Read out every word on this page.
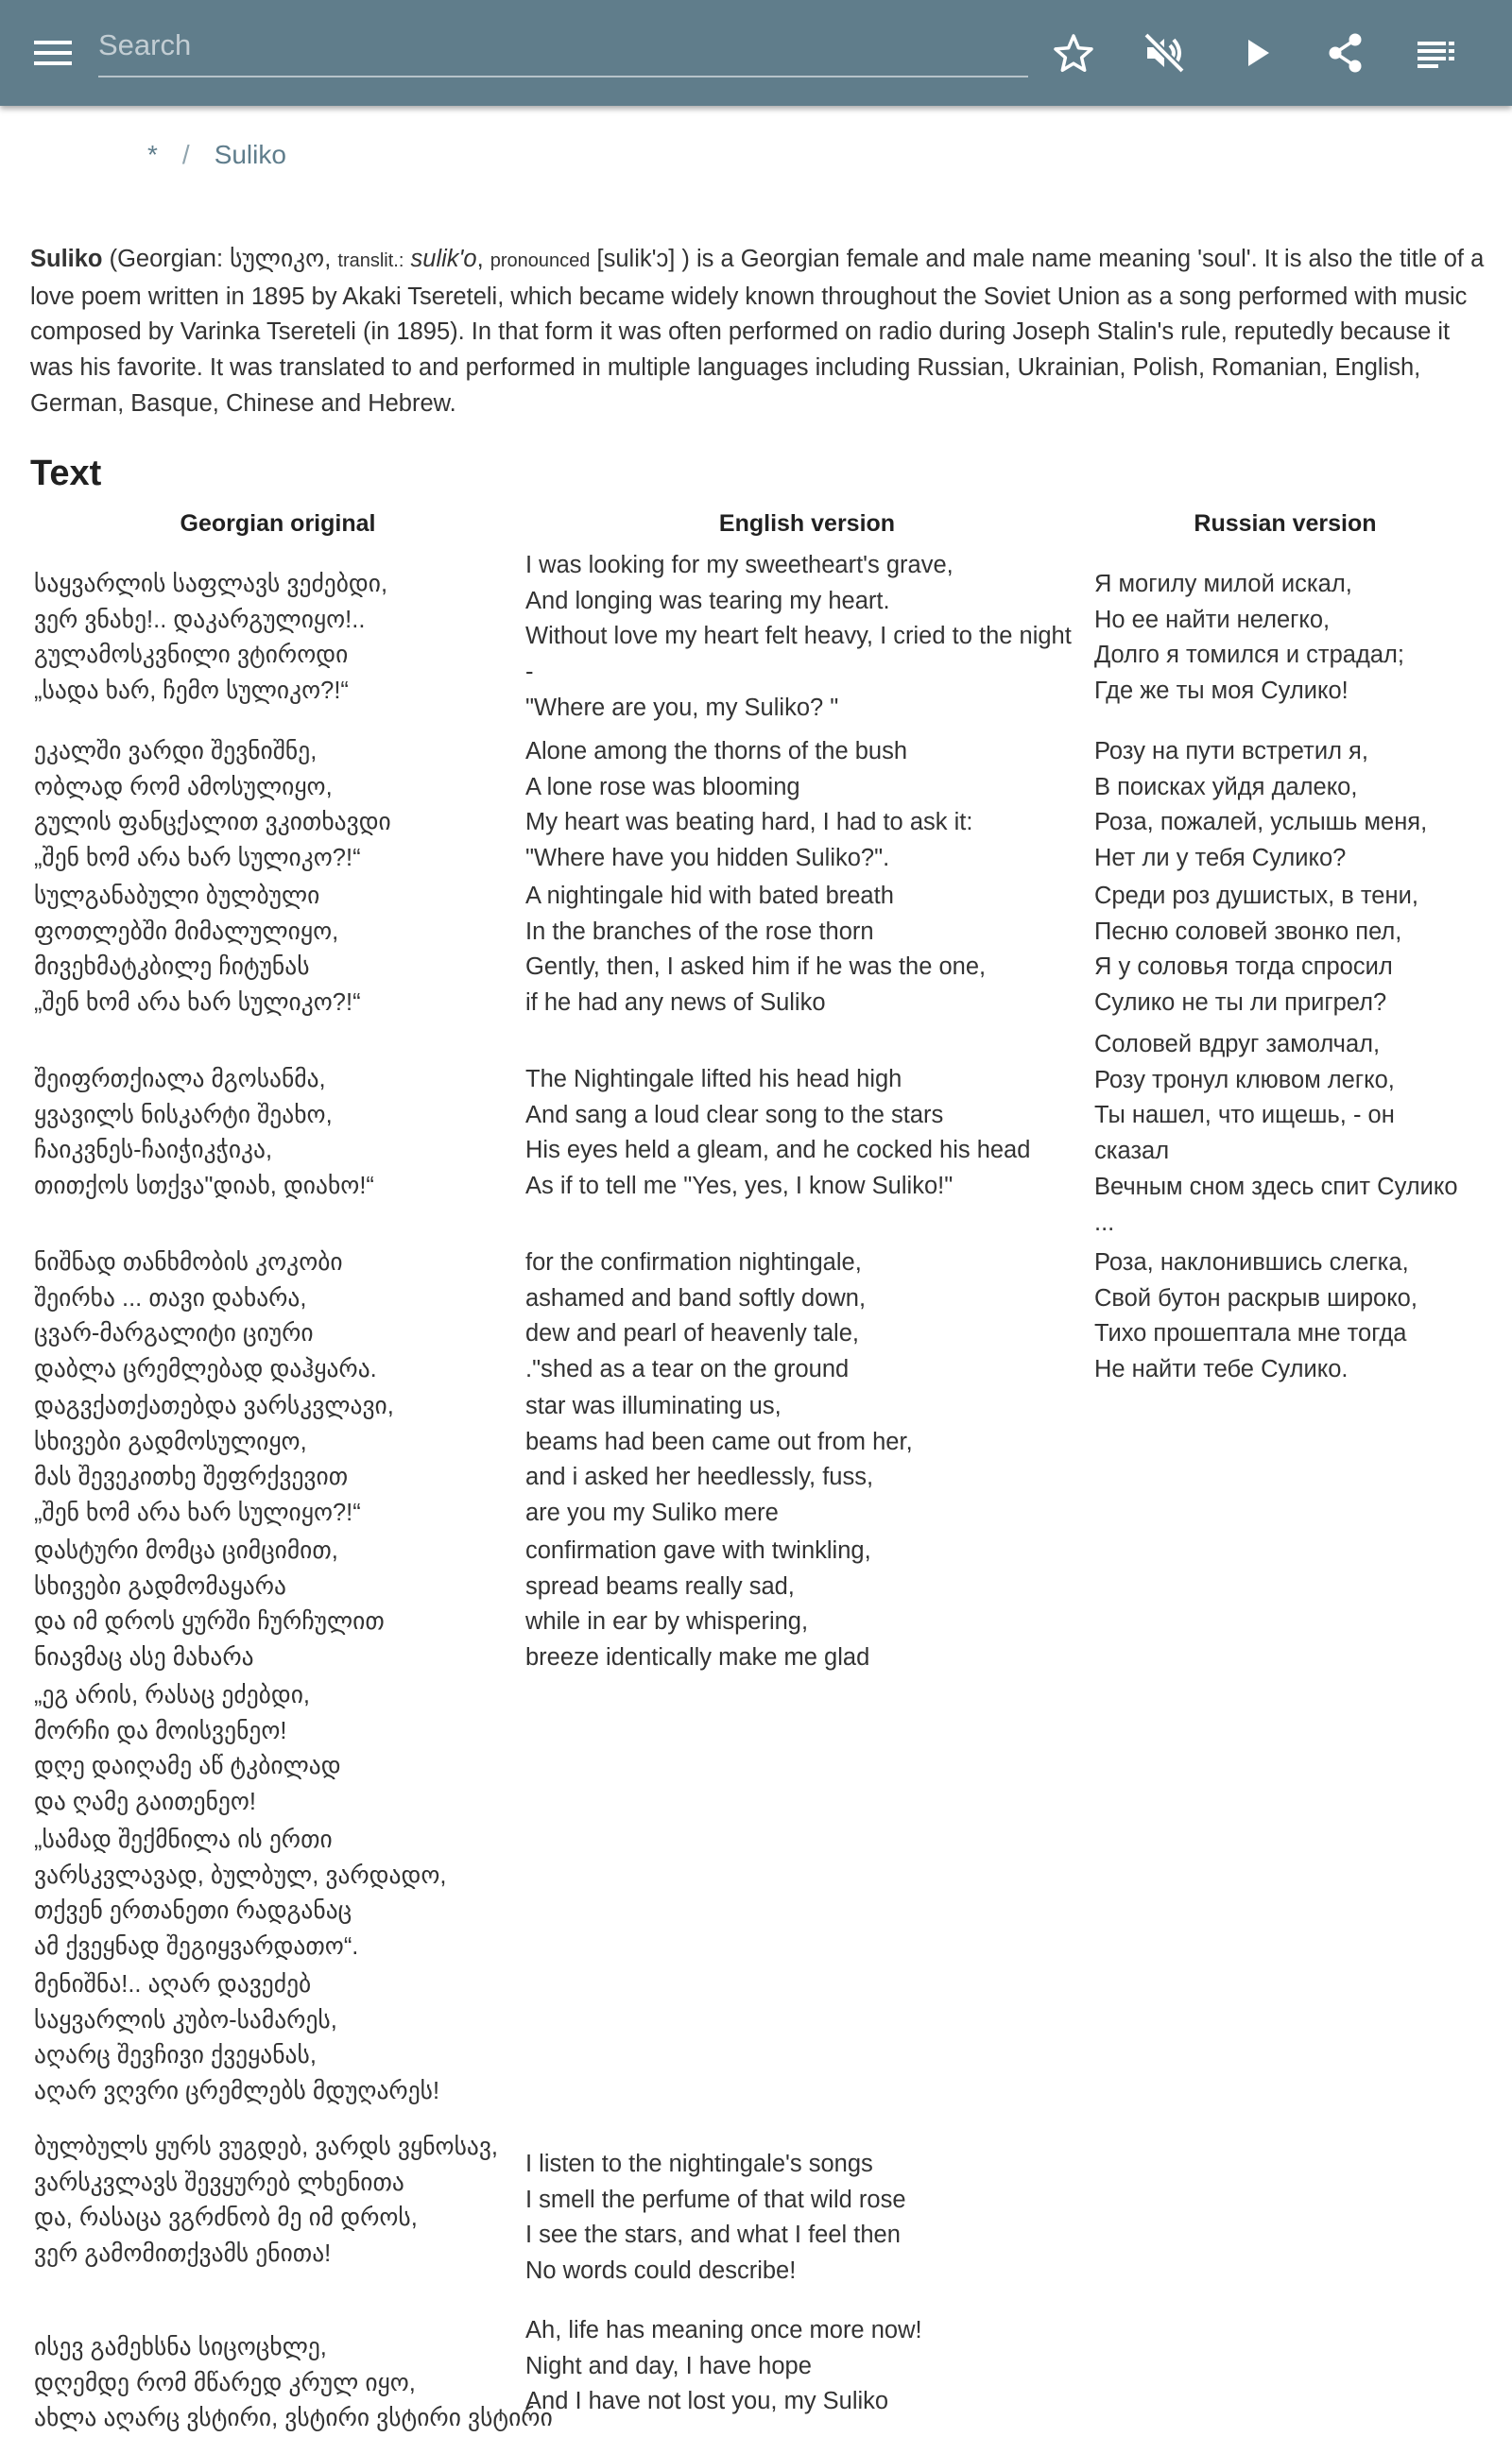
Search
* / Suliko
Suliko (Georgian: სულიკო, translit.: sulik'o, pronounced [sulik'ɔ] ) is a Georgian female and male name meaning 'soul'. It is also the title of a love poem written in 1895 by Akaki Tsereteli, which became widely known throughout the Soviet Union as a song performed with music composed by Varinka Tsereteli (in 1895). In that form it was often performed on radio during Joseph Stalin's rule, reputedly because it was his favorite. It was translated to and performed in multiple languages including Russian, Ukrainian, Polish, Romanian, English, German, Basque, Chinese and Hebrew.
Text
Georgian original	English version	Russian version
საყვარლის საფლავს ვეძებდი,
ვერ ვნახე!.. დაკარგულიყო!..
გულამოსკვნილი ვტიროდი
„სადა ხარ, ჩემო სულიკო?!“
ეკალში ვარდი შევნიშნე,
ობლად რომ ამოსულიყო,
გულის ფანცქალით ვკითხავდი
„შენ ხომ არა ხარ სულიკო?!“
სულგანაბული ბულბული
ფოთლებში მიმალულიყო,
მივეხმატკბილე ჩიტუნას
„შენ ხომ არა ხარ სულიკო?!“
შეიფრთქიალა მგოსანმა,
ყვავილს ნისკარტი შეახო,
ჩაიკვნეს-ჩაიჭიკჭიკა,
თითქოს სთქვა"დიახ, დიახო!“
ნიშნად თანხმობის კოკობი
შეირხა ... თავი დახარა,
ცვარ-მარგალიტი ციური
დაბლა ცრემლებად დაჰყარა.
დაგვქათქათებდა ვარსკვლავი,
სხივები გადმოსულიყო,
მას შევეკითხე შეფრქვევით
„შენ ხომ არა ხარ სულიყო?!“
დასტური მომცა ციმციმით,
სხივები გადმომაყარა
და იმ დროს ყურში ჩურჩულით
ნიავმაც ასე მახარა
„ეგ არის, რასაც ეძებდი,
მორჩი და მოისვენეო!
დღე დაიღამე აწ ტკბილად
და ღამე გაითენეო!
„სამად შექმნილა ის ერთი
ვარსკვლავად, ბულბულ, ვარდადო,
თქვენ ერთანეთი რადგანაც
ამ ქვეყნად შეგიყვარდათო“.
მენიშნა!.. აღარ დავეძებ
საყვარლის კუბო-სამარეს,
აღარც შევჩივი ქვეყანას,
აღარ ვღვრი ცრემლებს მდუღარეს!
ბულბულს ყურს ვუგდებ, ვარდს ვყნოსავ,
ვარსკვლავს შევყურებ ლხენითა
და, რასაცა ვგრძნობ მე იმ დროს,
ვერ გამომითქვამს ენითა!
ისევ გამეხსნა სიცოცხლე,
დღემდე რომ მწარედ კრულ იყო,
ახლა აღარც ვსტირი, ვსტირი ვსტირი ვსტირი
I was looking for my sweetheart's grave,
And longing was tearing my heart.
Without love my heart felt heavy, I cried to the night
-
"Where are you, my Suliko? "
Alone among the thorns of the bush
A lone rose was blooming
My heart was beating hard, I had to ask it:
"Where have you hidden Suliko?".
A nightingale hid with bated breath
In the branches of the rose thorn
Gently, then, I asked him if he was the one,
if he had any news of Suliko
The Nightingale lifted his head high
And sang a loud clear song to the stars
His eyes held a gleam, and he cocked his head
As if to tell me "Yes, yes, I know Suliko!"
for the confirmation nightingale,
ashamed and band softly down,
dew and pearl of heavenly tale,
."shed as a tear on the ground
star was illuminating us,
beams had been came out from her,
and i asked her heedlessly, fuss,
are you my Suliko mere
confirmation gave with twinkling,
spread beams really sad,
while in ear by whispering,
breeze identically make me glad
I listen to the nightingale's songs
I smell the perfume of that wild rose
I see the stars, and what I feel then
No words could describe!
Ah, life has meaning once more now!
Night and day, I have hope
And I have not lost you, my Suliko
Я могилу милой искал,
Но ее найти нелегко,
Долго я томился и страдал;
Где же ты моя Сулико!
Розу на пути встретил я,
В поисках уйдя далеко,
Роза, пожалей, услышь меня,
Нет ли у тебя Сулико?
Среди роз душистых, в тени,
Песню соловей звонко пел,
Я у соловья тогда спросил
Сулико не ты ли пригрел?
Соловей вдруг замолчал,
Розу тронул клювом легко,
Ты нашел, что ищешь, - он
сказал
Вечным сном здесь спит Сулико
...
Роза, наклонившись слегка,
Свой бутон раскрыв широко,
Тихо прошептала мне тогда
Не найти тебе Сулико.
